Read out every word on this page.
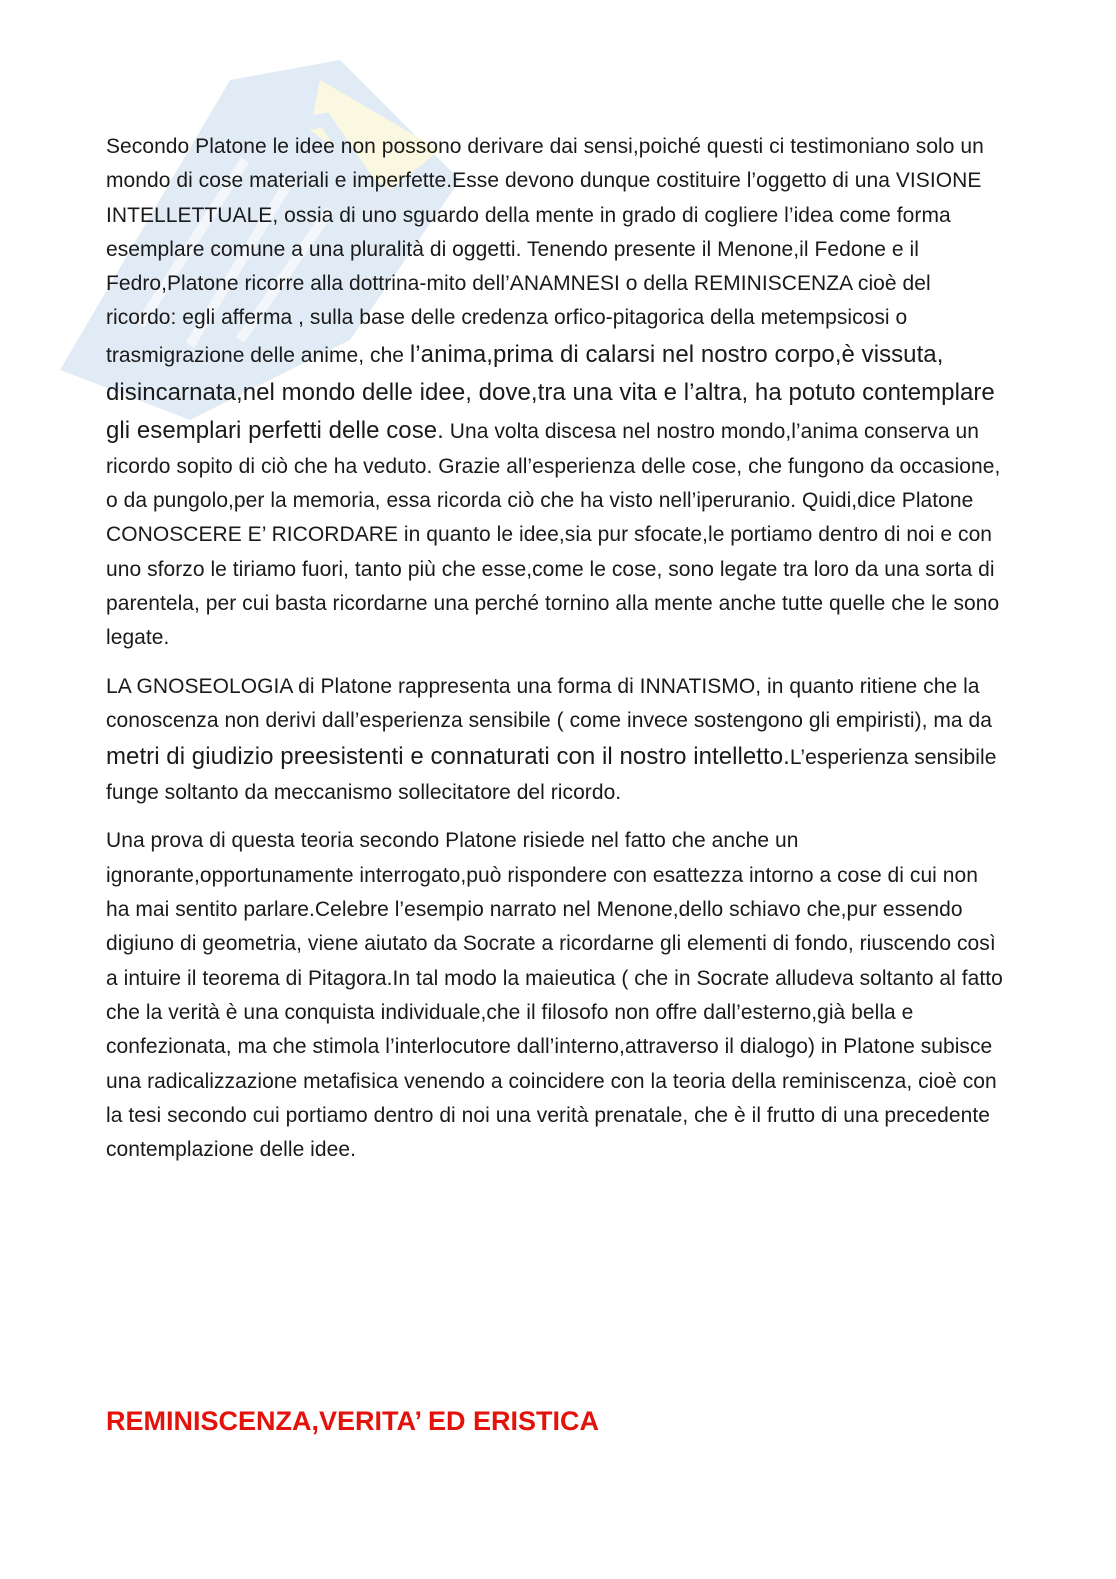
Secondo Platone le idee non possono derivare dai sensi,poiché questi ci testimoniano solo un mondo di cose materiali e imperfette.Esse devono dunque costituire l’oggetto di una VISIONE INTELLETTUALE, ossia di uno sguardo della mente in grado di cogliere l’idea come forma esemplare comune a una pluralità di oggetti. Tenendo presente il Menone,il Fedone e il Fedro,Platone ricorre alla dottrina-mito dell’ANAMNESI o della REMINISCENZA cioè del ricordo: egli afferma , sulla base delle credenza orfico-pitagorica della metempsicosi o trasmigrazione delle anime, che l’anima,prima di calarsi nel nostro corpo,è vissuta, disincarnata,nel mondo delle idee, dove,tra una vita e l’altra, ha potuto contemplare gli esemplari perfetti delle cose. Una volta discesa nel nostro mondo,l’anima conserva un ricordo sopito di ciò che ha veduto. Grazie all’esperienza delle cose, che fungono da occasione, o da pungolo,per la memoria, essa ricorda ciò che ha visto nell’iperuranio. Quidi,dice Platone CONOSCERE E’ RICORDARE in quanto le idee,sia pur sfocate,le portiamo dentro di noi e con uno sforzo le tiriamo fuori, tanto più che esse,come le cose, sono legate tra loro da una sorta di parentela, per cui basta ricordarne una perché tornino alla mente anche tutte quelle che le sono legate.

LA GNOSEOLOGIA di Platone rappresenta una forma di INNATISMO, in quanto ritiene che la conoscenza non derivi dall’esperienza sensibile ( come invece sostengono gli empiristi), ma da metri di giudizio preesistenti e connaturati con il nostro intelletto.L’esperienza sensibile funge soltanto da meccanismo sollecitatore del ricordo.

Una prova di questa teoria secondo Platone risiede nel fatto che anche un ignorante,opportunamente interrogato,può rispondere con esattezza intorno a cose di cui non ha mai sentito parlare.Celebre l’esempio narrato nel Menone,dello schiavo che,pur essendo digiuno di geometria, viene aiutato da Socrate a ricordarne gli elementi di fondo, riuscendo così a intuire il teorema di Pitagora.In tal modo la maieutica ( che in Socrate alludeva soltanto al fatto che la verità è una conquista individuale,che il filosofo non offre dall’esterno,già bella e confezionata, ma che stimola l’interlocutore dall’interno,attraverso il dialogo) in Platone subisce una radicalizzazione metafisica venendo a coincidere con la teoria della reminiscenza, cioè con la tesi secondo cui portiamo dentro di noi una verità prenatale, che è il frutto di una precedente contemplazione delle idee.

REMINISCENZA,VERITA’ ED ERISTICA
